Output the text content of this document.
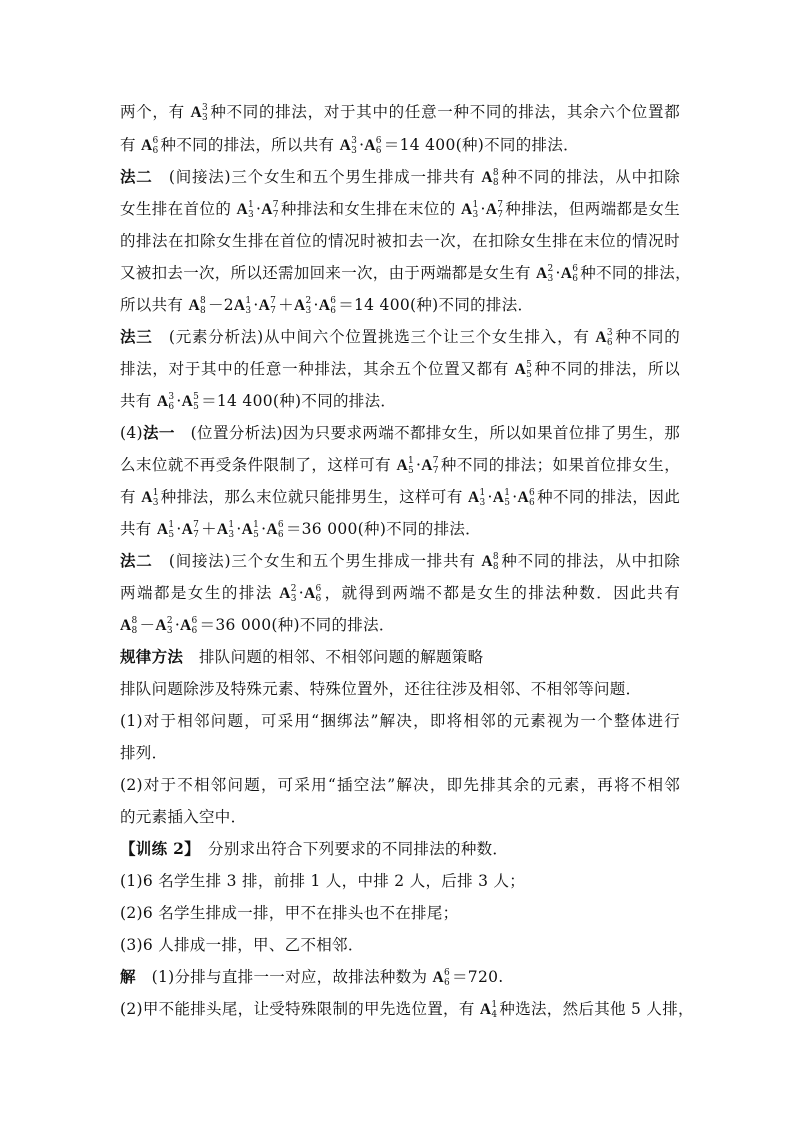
两个，有 A 3
3 种不同的排法，对于其中的任意一种不同的排法，其余六个位置都
有 A 6
6 种不同的排法，所以共有 A 3
3 ·A 6
6 ＝14 400(种)不同的排法．
法二　(间接法)三个女生和五个男生排成一排共有 A 8
8 种不同的排法，从中扣除
女生排在首位的 A 1
3 ·A 7
7 种排法和女生排在末位的 A 1
3 ·A 7
7 种排法，但两端都是女生
的排法在扣除女生排在首位的情况时被扣去一次，在扣除女生排在末位的情况时
又被扣去一次，所以还需加回来一次，由于两端都是女生有 A 2
3 ·A 6
6 种不同的排法，
所以共有 A 8
8 －2A 1
3 ·A 7
7 ＋A 2
3 ·A 6
6 ＝14 400(种)不同的排法．
法三　(元素分析法)从中间六个位置挑选三个让三个女生排入，有 A 3
6 种不同的
排法，对于其中的任意一种排法，其余五个位置又都有 A 5
5 种不同的排法，所以
共有 A 3
6 ·A 5
5 ＝14 400(种)不同的排法．
(4)法一　(位置分析法)因为只要求两端不都排女生，所以如果首位排了男生，那
么末位就不再受条件限制了，这样可有 A 1
5 ·A 7
7 种不同的排法；如果首位排女生，
有 A 1
3 种排法，那么末位就只能排男生，这样可有 A 1
3 ·A 1
5 ·A 6
6 种不同的排法，因此
共有 A 1
5 ·A 7
7 ＋A 1
3 ·A 1
5 ·A 6
6 ＝36 000(种)不同的排法．
法二　(间接法)三个女生和五个男生排成一排共有 A 8
8 种不同的排法，从中扣除
两端都是女生的排法 A 2
3 ·A 6
6 ，就得到两端不都是女生的排法种数．因此共有
A 8
8 －A 2
3 ·A 6
6 ＝36 000(种)不同的排法．
规律方法　排队问题的相邻、不相邻问题的解题策略
排队问题除涉及特殊元素、特殊位置外，还往往涉及相邻、不相邻等问题．
(1)对于相邻问题，可采用“捆绑法”解决，即将相邻的元素视为一个整体进行
排列．
(2)对于不相邻问题，可采用“插空法”解决，即先排其余的元素，再将不相邻
的元素插入空中．
【训练 2】　分别求出符合下列要求的不同排法的种数．
(1)6 名学生排 3 排，前排 1 人，中排 2 人，后排 3 人；
(2)6 名学生排成一排，甲不在排头也不在排尾；
(3)6 人排成一排，甲、乙不相邻．
解　(1)分排与直排一一对应，故排法种数为 A 6
6 ＝720.
(2)甲不能排头尾，让受特殊限制的甲先选位置，有 A 1
4 种选法，然后其他 5 人排，
